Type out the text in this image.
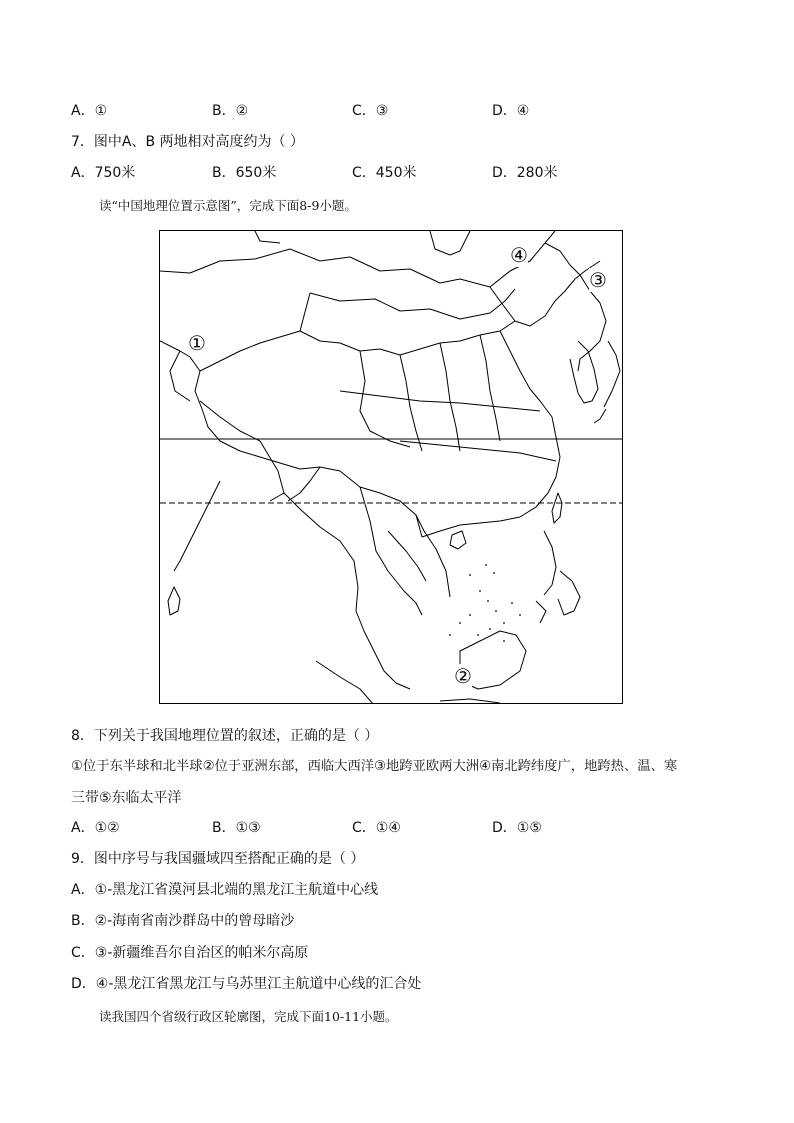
A．①	B．②	C．③	D．④
7．图中A、B 两地相对高度约为（ ）
A．750米	B．650米	C．450米	D．280米
读“中国地理位置示意图”，完成下面8-9小题。
①
②
③
④
8．下列关于我国地理位置的叙述，正确的是（ ）
①位于东半球和北半球②位于亚洲东部，西临大西洋③地跨亚欧两大洲④南北跨纬度广，地跨热、温、寒
三带⑤东临太平洋
A．①②	B．①③	C．①④	D．①⑤
9．图中序号与我国疆域四至搭配正确的是（ ）
A．①-黑龙江省漠河县北端的黑龙江主航道中心线
B．②-海南省南沙群岛中的曾母暗沙
C．③-新疆维吾尔自治区的帕米尔高原
D．④-黑龙江省黑龙江与乌苏里江主航道中心线的汇合处
读我国四个省级行政区轮廓图，完成下面10-11小题。
